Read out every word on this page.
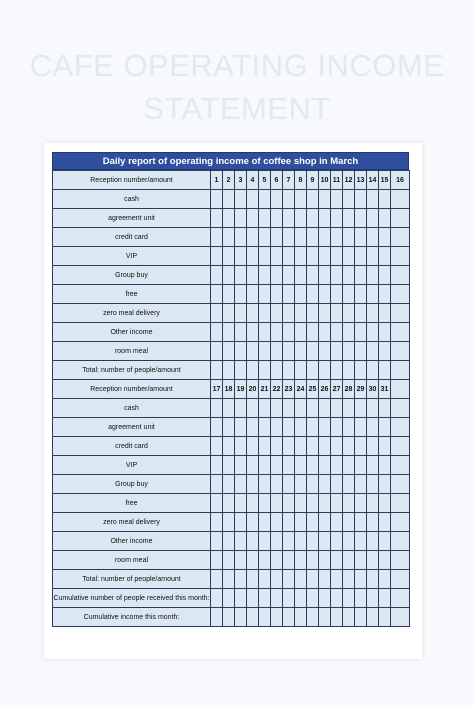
CAFE OPERATING INCOME
STATEMENT
Daily report of operating income of coffee shop in March
Reception number/amount	1	2	3	4	5	6	7	8	9	10	11	12	13	14	15	16
cash																
agreement unit																
credit card																
VIP																
Group buy																
free																
zero meal delivery																
Other income																
room meal																
Total: number of people/amount																
Reception number/amount	17	18	19	20	21	22	23	24	25	26	27	28	29	30	31	
cash																
agreement unit																
credit card																
VIP																
Group buy																
free																
zero meal delivery																
Other income																
room meal																
Total: number of people/amount																
Cumulative number of people received this month:																
Cumulative income this month:																
